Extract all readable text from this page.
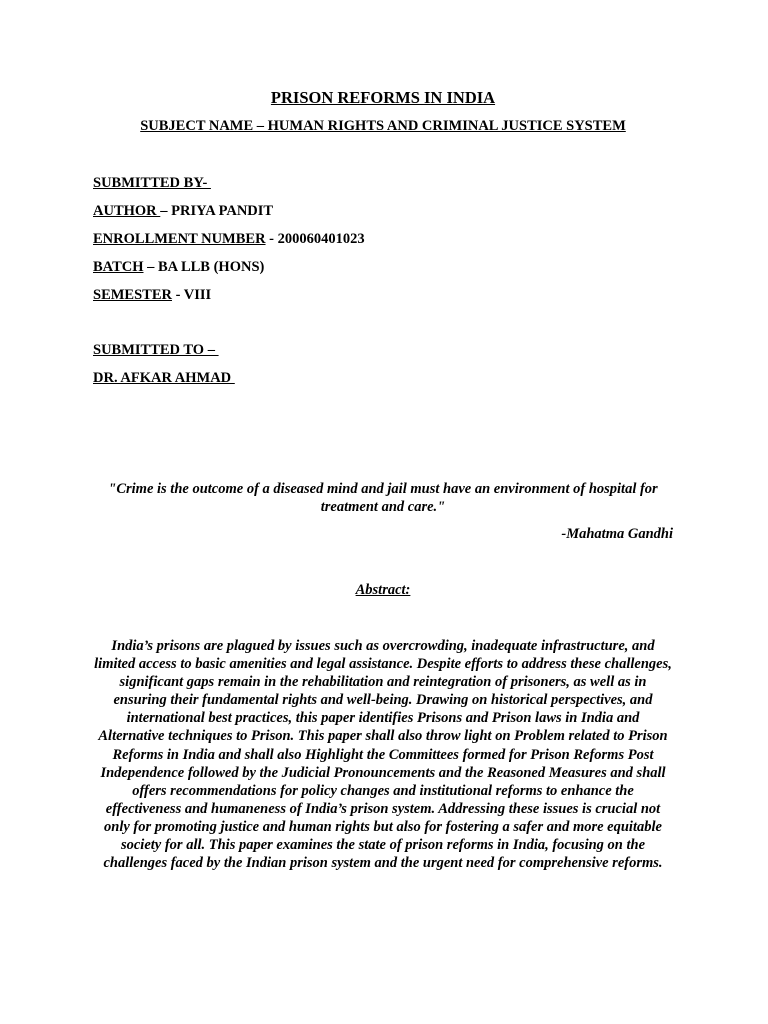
PRISON REFORMS IN INDIA
SUBJECT NAME – HUMAN RIGHTS AND CRIMINAL JUSTICE SYSTEM
SUBMITTED BY-
AUTHOR – PRIYA PANDIT
ENROLLMENT NUMBER - 200060401023
BATCH – BA LLB (HONS)
SEMESTER - VIII
SUBMITTED TO –
DR. AFKAR AHMAD
"Crime is the outcome of a diseased mind and jail must have an environment of hospital for treatment and care."
-Mahatma Gandhi
Abstract:
India’s prisons are plagued by issues such as overcrowding, inadequate infrastructure, and limited access to basic amenities and legal assistance. Despite efforts to address these challenges, significant gaps remain in the rehabilitation and reintegration of prisoners, as well as in ensuring their fundamental rights and well-being. Drawing on historical perspectives, and international best practices, this paper identifies Prisons and Prison laws in India and Alternative techniques to Prison. This paper shall also throw light on Problem related to Prison Reforms in India and shall also Highlight the Committees formed for Prison Reforms Post Independence followed by the Judicial Pronouncements and the Reasoned Measures and shall offers recommendations for policy changes and institutional reforms to enhance the effectiveness and humaneness of India’s prison system. Addressing these issues is crucial not only for promoting justice and human rights but also for fostering a safer and more equitable society for all. This paper examines the state of prison reforms in India, focusing on the challenges faced by the Indian prison system and the urgent need for comprehensive reforms.
